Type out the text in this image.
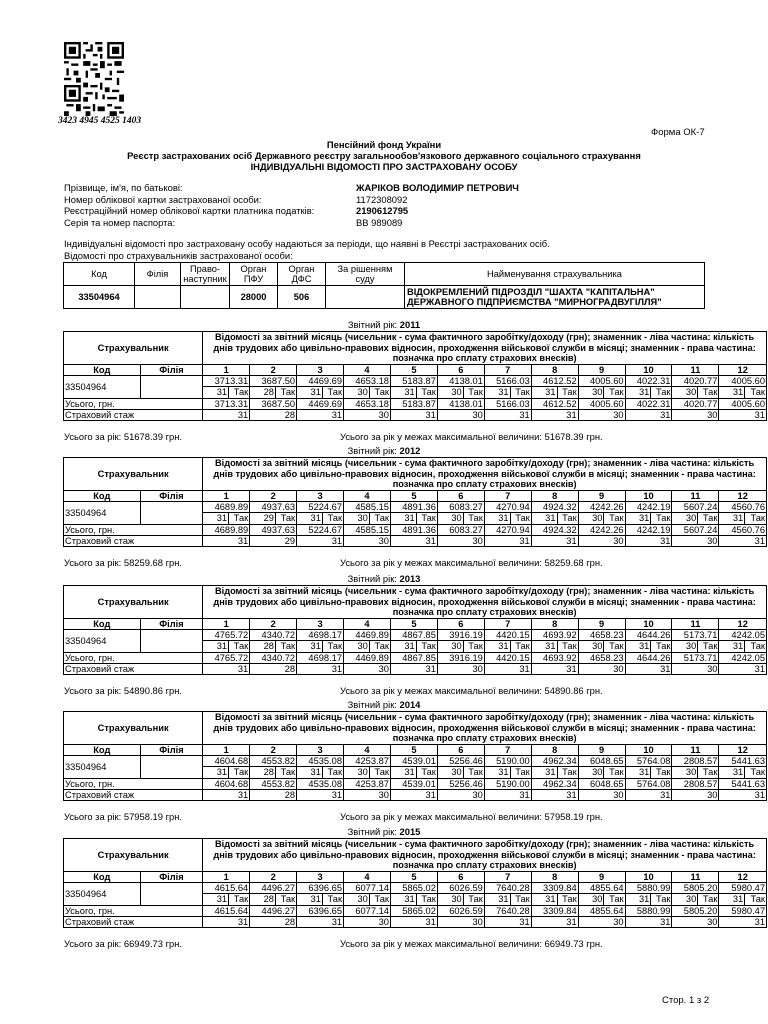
3423 4945 4525 1403
Форма ОК-7
Пенсійний фонд України
Реєстр застрахованих осіб Державного реєстру загальнообов'язкового державного соціального страхування
ІНДИВІДУАЛЬНІ ВІДОМОСТІ ПРО ЗАСТРАХОВАНУ ОСОБУ
Прізвище, ім'я, по батькові:	ЖАРІКОВ ВОЛОДИМИР ПЕТРОВИЧ
Номер облікової картки застрахованої особи:	1172308092
Реєстраційний номер облікової картки платника податків:	2190612795
Серія та номер паспорта:	ВВ 989089
Індивідуальні відомості про застраховану особу надаються за періоди, що наявні в Реєстрі застрахованих осіб.
Відомості про страхувальників застрахованої особи:
Код	Філія	Право-наступник	Орган ПФУ	Орган ДФС	За рішенням суду	Найменування страхувальника
33504964			28000	506		ВІДОКРЕМЛЕНИЙ ПІДРОЗДІЛ "ШАХТА "КАПІТАЛЬНА" ДЕРЖАВНОГО ПІДПРИЄМСТВА "МИРНОГРАДВУГІЛЛЯ"
Звітний рік: 2011
Страхувальник		Відомості за звітний місяць (чисельник - сума фактичного заробітку/доходу (грн); знаменник - ліва частина: кількість днів трудових або цивільно-правових відносин, проходження військової служби в місяці; знаменник - права частина: позначка про сплату страхових внесків)																							
Код	Філія	1		2		3		4		5		6		7		8		9		10		11		12	
33504964		3713.31		3687.50		4469.69		4653.18		5183.87		4138.01		5166.03		4612.52		4005.60		4022.31		4020.77		4005.60	
		31	Так	28	Так	31	Так	30	Так	31	Так	30	Так	31	Так	31	Так	30	Так	31	Так	30	Так	31	Так
Усього, грн.		3713.31		3687.50		4469.69		4653.18		5183.87		4138.01		5166.03		4612.52		4005.60		4022.31		4020.77		4005.60	
Страховий стаж		31		28		31		30		31		30		31		31		30		31		30		31	
Усього за рік: 51678.39 грн.	Усього за рік у межах максимальної величини: 51678.39 грн.
Звітний рік: 2012
Страхувальник		Відомості за звітний місяць (чисельник - сума фактичного заробітку/доходу (грн); знаменник - ліва частина: кількість днів трудових або цивільно-правових відносин, проходження військової служби в місяці; знаменник - права частина: позначка про сплату страхових внесків)																							
Код	Філія	1		2		3		4		5		6		7		8		9		10		11		12	
33504964		4689.89		4937.63		5224.67		4585.15		4891.36		6083.27		4270.94		4924.32		4242.26		4242.19		5607.24		4560.76	
		31	Так	29	Так	31	Так	30	Так	31	Так	30	Так	31	Так	31	Так	30	Так	31	Так	30	Так	31	Так
Усього, грн.		4689.89		4937.63		5224.67		4585.15		4891.36		6083.27		4270.94		4924.32		4242.26		4242.19		5607.24		4560.76	
Страховий стаж		31		29		31		30		31		30		31		31		30		31		30		31	
Усього за рік: 58259.68 грн.	Усього за рік у межах максимальної величини: 58259.68 грн.
Звітний рік: 2013
Страхувальник		Відомості за звітний місяць (чисельник - сума фактичного заробітку/доходу (грн); знаменник - ліва частина: кількість днів трудових або цивільно-правових відносин, проходження військової служби в місяці; знаменник - права частина: позначка про сплату страхових внесків)																							
Код	Філія	1		2		3		4		5		6		7		8		9		10		11		12	
33504964		4765.72		4340.72		4698.17		4469.89		4867.85		3916.19		4420.15		4693.92		4658.23		4644.26		5173.71		4242.05	
		31	Так	28	Так	31	Так	30	Так	31	Так	30	Так	31	Так	31	Так	30	Так	31	Так	30	Так	31	Так
Усього, грн.		4765.72		4340.72		4698.17		4469.89		4867.85		3916.19		4420.15		4693.92		4658.23		4644.26		5173.71		4242.05	
Страховий стаж		31		28		31		30		31		30		31		31		30		31		30		31	
Усього за рік: 54890.86 грн.	Усього за рік у межах максимальної величини: 54890.86 грн.
Звітний рік: 2014
Страхувальник		Відомості за звітний місяць (чисельник - сума фактичного заробітку/доходу (грн); знаменник - ліва частина: кількість днів трудових або цивільно-правових відносин, проходження військової служби в місяці; знаменник - права частина: позначка про сплату страхових внесків)																							
Код	Філія	1		2		3		4		5		6		7		8		9		10		11		12	
33504964		4604.68		4553.82		4535.08		4253.87		4539.01		5256.46		5190.00		4962.34		6048.65		5764.08		2808.57		5441.63	
		31	Так	28	Так	31	Так	30	Так	31	Так	30	Так	31	Так	31	Так	30	Так	31	Так	30	Так	31	Так
Усього, грн.		4604.68		4553.82		4535.08		4253.87		4539.01		5256.46		5190.00		4962.34		6048.65		5764.08		2808.57		5441.63	
Страховий стаж		31		28		31		30		31		30		31		31		30		31		30		31	
Усього за рік: 57958.19 грн.	Усього за рік у межах максимальної величини: 57958.19 грн.
Звітний рік: 2015
Страхувальник		Відомості за звітний місяць (чисельник - сума фактичного заробітку/доходу (грн); знаменник - ліва частина: кількість днів трудових або цивільно-правових відносин, проходження військової служби в місяці; знаменник - права частина: позначка про сплату страхових внесків)																							
Код	Філія	1		2		3		4		5		6		7		8		9		10		11		12	
33504964		4615.64		4496.27		6396.65		6077.14		5865.02		6026.59		7640.28		3309.84		4855.64		5880.99		5805.20		5980.47	
		31	Так	28	Так	31	Так	30	Так	31	Так	30	Так	31	Так	31	Так	30	Так	31	Так	30	Так	31	Так
Усього, грн.		4615.64		4496.27		6396.65		6077.14		5865.02		6026.59		7640.28		3309.84		4855.64		5880.99		5805.20		5980.47	
Страховий стаж		31		28		31		30		31		30		31		31		30		31		30		31	
Усього за рік: 66949.73 грн.	Усього за рік у межах максимальної величини: 66949.73 грн.
Стор. 1 з 2
